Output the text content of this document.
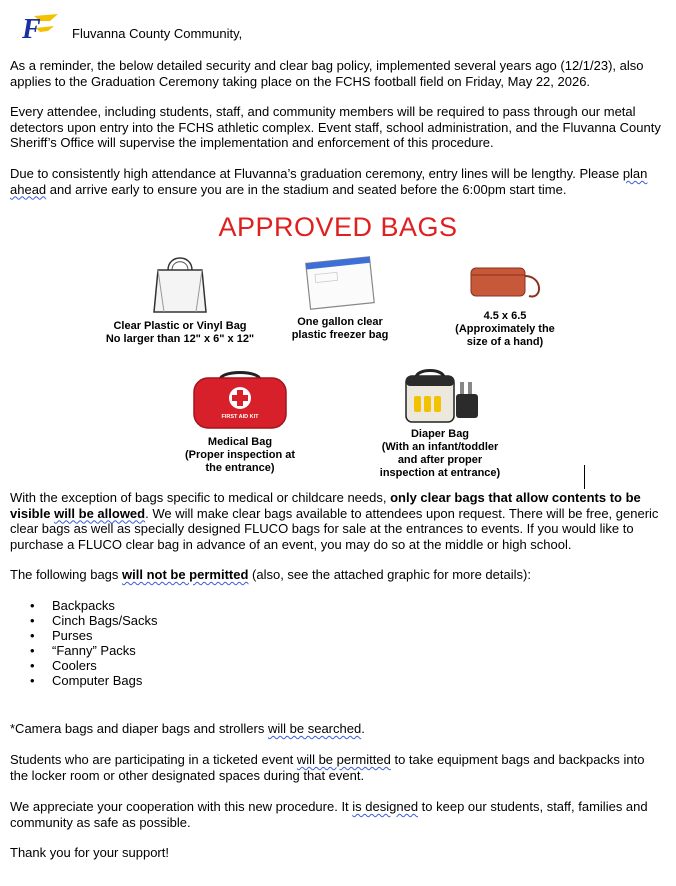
F Fluvanna County Community,

As a reminder, the below detailed security and clear bag policy, implemented several years ago (12/1/23), also applies to the Graduation Ceremony taking place on the FCHS football field on Friday, May 22, 2026.

Every attendee, including students, staff, and community members will be required to pass through our metal detectors upon entry into the FCHS athletic complex. Event staff, school administration, and the Fluvanna County Sheriff’s Office will supervise the implementation and enforcement of this procedure.

Due to consistently high attendance at Fluvanna’s graduation ceremony, entry lines will be lengthy. Please plan ahead and arrive early to ensure you are in the stadium and seated before the 6:00pm start time.

APPROVED BAGS
Clear Plastic or Vinyl Bag
No larger than 12" x 6" x 12"
One gallon clear
plastic freezer bag
4.5 x 6.5
(Approximately the
size of a hand)
FIRST AID KIT
Medical Bag
(Proper inspection at
the entrance)
Diaper Bag
(With an infant/toddler
and after proper
inspection at entrance)

With the exception of bags specific to medical or childcare needs, only clear bags that allow contents to be visible will be allowed. We will make clear bags available to attendees upon request. There will be free, generic clear bags as well as specially designed FLUCO bags for sale at the entrances to events. If you would like to purchase a FLUCO clear bag in advance of an event, you may do so at the middle or high school.

The following bags will not be permitted (also, see the attached graphic for more details):

• Backpacks
• Cinch Bags/Sacks
• Purses
• “Fanny” Packs
• Coolers
• Computer Bags

*Camera bags and diaper bags and strollers will be searched.

Students who are participating in a ticketed event will be permitted to take equipment bags and backpacks into the locker room or other designated spaces during that event.

We appreciate your cooperation with this new procedure. It is designed to keep our students, staff, families and community as safe as possible.

Thank you for your support!
